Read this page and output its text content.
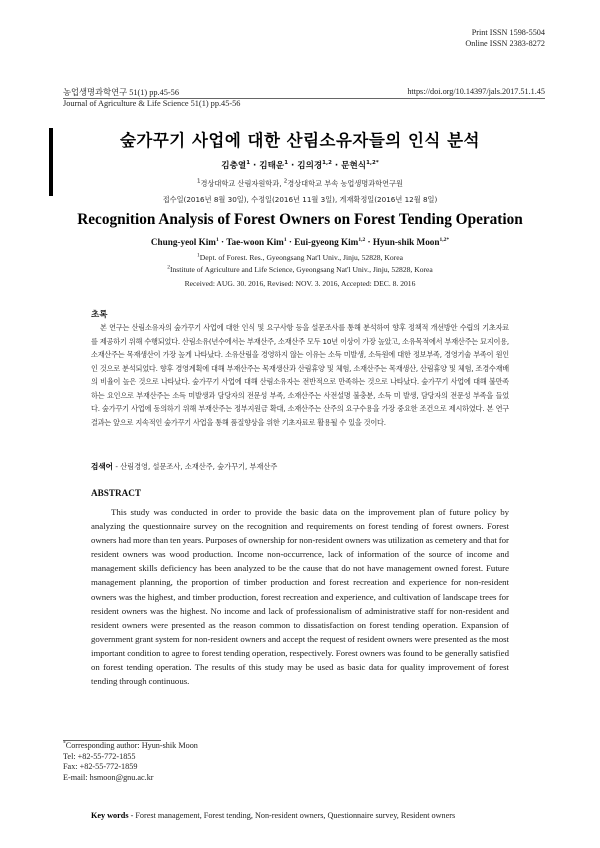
Print ISSN 1598-5504
Online ISSN 2383-8272
농업생명과학연구 51(1) pp.45-56
Journal of Agriculture & Life Science 51(1) pp.45-56
https://doi.org/10.14397/jals.2017.51.1.45
숲가꾸기 사업에 대한 산림소유자들의 인식 분석
김충열$^1$ · 김태운$^1$ · 김의경$^{1,2}$ · 문현식$^{1,2*}$
$^1$경상대학교 산림자원학과, $^2$경상대학교 부속 농업생명과학연구원
접수일(2016년 8월 30일), 수정일(2016년 11월 3일), 게재확정일(2016년 12월 8일)
Recognition Analysis of Forest Owners on Forest Tending Operation
Chung-yeol Kim$^1$ · Tae-woon Kim$^1$ · Eui-gyeong Kim$^{1,2}$ · Hyun-shik Moon$^{1,2*}$
$^1$Dept. of Forest. Res., Gyeongsang Nat'l Univ., Jinju, 52828, Korea
$^2$Institute of Agriculture and Life Science, Gyeongsang Nat'l Univ., Jinju, 52828, Korea
Received: AUG. 30. 2016, Revised: NOV. 3. 2016, Accepted: DEC. 8. 2016
초록
본 연구는 산림소유자의 숲가꾸기 사업에 대한 인식 및 요구사항 등을 설문조사를 통해 분석하여 향후 정책적 개선방안 수립의 기초자료를 제공하기 위해 수행되었다. 산림소유(년수에서는 부재산주, 소재산주 모두 10년 이상이 가장 높았고, 소유목적에서 부재산주는 묘지이용, 소재산주는 목재생산이 가장 높게 나타났다. 소유산림을 경영하지 않는 이유는 소득 미발생, 소득원에 대한 정보부족, 경영기술 부족이 원인인 것으로 분석되었다. 향후 경영계획에 대해 부재산주는 목재생산과 산림휴양 및 체험, 소재산주는 목재생산, 산림휴양 및 체험, 조경수재배의 비율이 높은 것으로 나타났다. 숲가꾸기 사업에 대해 산림소유자는 전반적으로 만족하는 것으로 나타났다. 숲가꾸기 사업에 대해 불만족하는 요인으로 부재산주는 소득 미발생과 담당자의 전문성 부족, 소재산주는 사전설명 불충분, 소득 미 발생, 담당자의 전문성 부족을 들었다. 숲가꾸기 사업에 동의하기 위해 부재산주는 정부지원금 확대, 소재산주는 산주의 요구수용을 가장 중요한 조건으로 제시하였다. 본 연구결과는 앞으로 지속적인 숲가꾸기 사업을 통해 품질향상을 위한 기초자료로 활용될 수 있을 것이다.
검색어 - 산림경영, 설문조사, 소재산주, 숲가꾸기, 부재산주
ABSTRACT
This study was conducted in order to provide the basic data on the improvement plan of future policy by analyzing the questionnaire survey on the recognition and requirements on forest tending of forest owners. Forest owners had more than ten years. Purposes of ownership for non-resident owners was utilization as cemetery and that for resident owners was wood production. Income non-occurrence, lack of information of the source of income and management skills deficiency has been analyzed to be the cause that do not have management owned forest. Future management planning, the proportion of timber production and forest recreation and experience for non-resident owners was the highest, and timber production, forest recreation and experience, and cultivation of landscape trees for resident owners was the highest. No income and lack of professionalism of administrative staff for non-resident and resident owners were presented as the reason common to dissatisfaction on forest tending operation. Expansion of government grant system for non-resident owners and accept the request of resident owners were presented as the most important condition to agree to forest tending operation, respectively. Forest owners was found to be generally satisfied on forest tending operation. The results of this study may be used as basic data for quality improvement of forest tending through continuous.
*Corresponding author: Hyun-shik Moon
Tel: +82-55-772-1855
Fax: +82-55-772-1859
E-mail: hsmoon@gnu.ac.kr
Key words - Forest management, Forest tending, Non-resident owners, Questionnaire survey, Resident owners
